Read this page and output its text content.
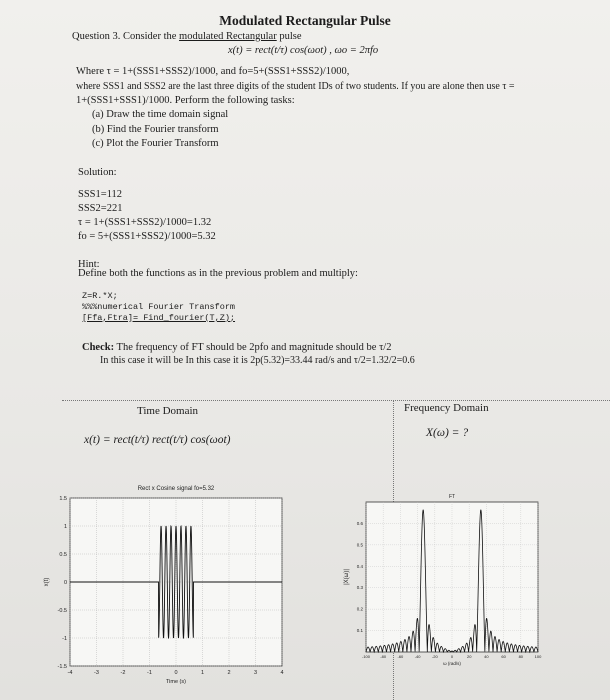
Modulated Rectangular Pulse
Question 3. Consider the modulated Rectangular pulse
x(t) = rect(t/τ) cos(ωot) , ωo = 2πfo
Where τ = 1+(SSS1+SSS2)/1000, and fo=5+(SSS1+SSS2)/1000,
where SSS1 and SSS2 are the last three digits of the student IDs of two students. If you are alone then use τ =
1+(SSS1+SSS1)/1000. Perform the following tasks:
(a) Draw the time domain signal
(b) Find the Fourier transform
(c) Plot the Fourier Transform
Solution:
SSS1=112
SSS2=221
τ = 1+(SSS1+SSS2)/1000=1.32
fo = 5+(SSS1+SSS2)/1000=5.32
Hint:
Define both the functions as in the previous problem and multiply:
Z=R.*X;
%%%numerical Fourier Transform
[Ffa,Ftra]= Find_fourier(T,Z);
Check: The frequency of FT should be 2pfo and magnitude should be τ/2
In this case it will be In this case it is 2p(5.32)=33.44 rad/s and τ/2=1.32/2=0.6
Time Domain	Frequency Domain
x(t) = rect(t/τ) rect(t/τ) cos(ωot)
X(ω) = ?
Rect x Cosine signal fo=5.32
-4	-3	-2	-1	0	1	2	3	4
1.5
1
0.5
0
-0.5
-1
-1.5
Time (s)
x(t)
FT
-100	-80	-60	-40	-20	0	20	40	60	80	100
0.6
0.5
0.4
0.3
0.2
0.1
ω (rad/s)
|X(ω)|
